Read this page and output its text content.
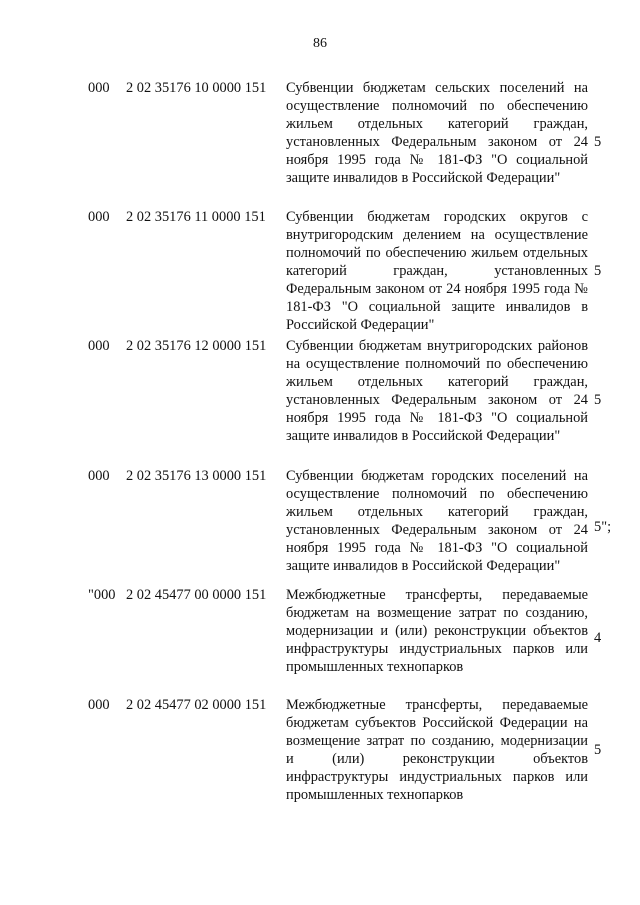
86
000 2 02 35176 10 0000 151 Субвенции бюджетам сельских поселений на осуществление полномочий по обеспечению жильем отдельных категорий граждан, установленных Федеральным законом от 24 ноября 1995 года № 181-ФЗ "О социальной защите инвалидов в Российской Федерации"
5
000 2 02 35176 11 0000 151 Субвенции бюджетам городских округов с внутригородским делением на осуществление полномочий по обеспечению жильем отдельных категорий граждан, установленных Федеральным законом от 24 ноября 1995 года № 181-ФЗ "О социальной защите инвалидов в Российской Федерации"
5
000 2 02 35176 12 0000 151 Субвенции бюджетам внутригородских районов на осуществление полномочий по обеспечению жильем отдельных категорий граждан, установленных Федеральным законом от 24 ноября 1995 года № 181-ФЗ "О социальной защите инвалидов в Российской Федерации"
5
000 2 02 35176 13 0000 151 Субвенции бюджетам городских поселений на осуществление полномочий по обеспечению жильем отдельных категорий граждан, установленных Федеральным законом от 24 ноября 1995 года № 181-ФЗ "О социальной защите инвалидов в Российской Федерации"
5";
"000 2 02 45477 00 0000 151 Межбюджетные трансферты, передаваемые бюджетам на возмещение затрат по созданию, модернизации и (или) реконструкции объектов инфраструктуры индустриальных парков или промышленных технопарков
4
000 2 02 45477 02 0000 151 Межбюджетные трансферты, передаваемые бюджетам субъектов Российской Федерации на возмещение затрат по созданию, модернизации и (или) реконструкции объектов инфраструктуры индустриальных парков или промышленных технопарков
5
